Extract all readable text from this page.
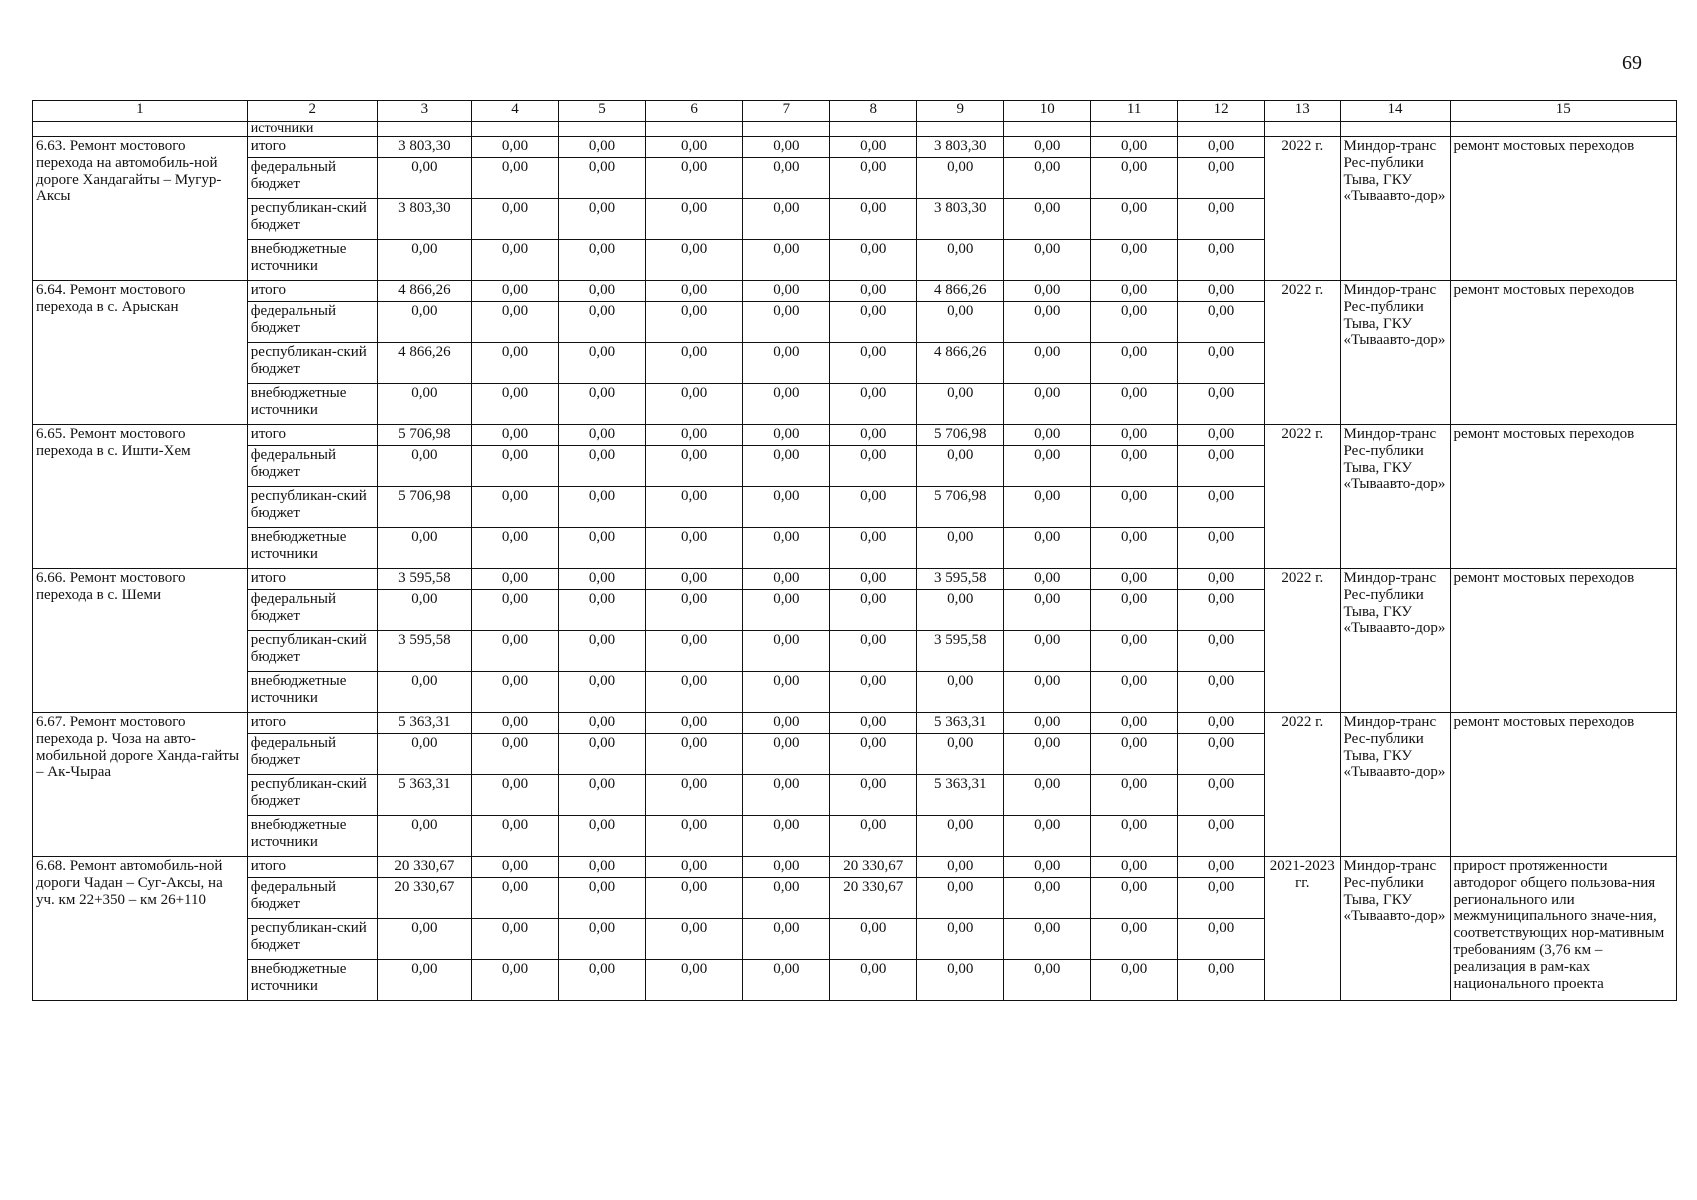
69
1	2	3	4	5	6	7	8	9	10	11	12	13	14	15
	источники													
6.63. Ремонт мостового перехода на автомобиль-ной дороге Хандагайты – Мугур-Аксы	итого	3 803,30	0,00	0,00	0,00	0,00	0,00	3 803,30	0,00	0,00	0,00	2022 г.	Миндор-транс Рес-публики Тыва, ГКУ «Тываавто-дор»	ремонт мостовых переходов
	федеральный бюджет	0,00	0,00	0,00	0,00	0,00	0,00	0,00	0,00	0,00	0,00			
	республикан-ский бюджет	3 803,30	0,00	0,00	0,00	0,00	0,00	3 803,30	0,00	0,00	0,00			
	внебюджетные источники	0,00	0,00	0,00	0,00	0,00	0,00	0,00	0,00	0,00	0,00			
6.64. Ремонт мостового перехода в с. Арыскан	итого	4 866,26	0,00	0,00	0,00	0,00	0,00	4 866,26	0,00	0,00	0,00	2022 г.	Миндор-транс Рес-публики Тыва, ГКУ «Тываавто-дор»	ремонт мостовых переходов
	федеральный бюджет	0,00	0,00	0,00	0,00	0,00	0,00	0,00	0,00	0,00	0,00			
	республикан-ский бюджет	4 866,26	0,00	0,00	0,00	0,00	0,00	4 866,26	0,00	0,00	0,00			
	внебюджетные источники	0,00	0,00	0,00	0,00	0,00	0,00	0,00	0,00	0,00	0,00			
6.65. Ремонт мостового перехода в с. Ишти-Хем	итого	5 706,98	0,00	0,00	0,00	0,00	0,00	5 706,98	0,00	0,00	0,00	2022 г.	Миндор-транс Рес-публики Тыва, ГКУ «Тываавто-дор»	ремонт мостовых переходов
	федеральный бюджет	0,00	0,00	0,00	0,00	0,00	0,00	0,00	0,00	0,00	0,00			
	республикан-ский бюджет	5 706,98	0,00	0,00	0,00	0,00	0,00	5 706,98	0,00	0,00	0,00			
	внебюджетные источники	0,00	0,00	0,00	0,00	0,00	0,00	0,00	0,00	0,00	0,00			
6.66. Ремонт мостового перехода в с. Шеми	итого	3 595,58	0,00	0,00	0,00	0,00	0,00	3 595,58	0,00	0,00	0,00	2022 г.	Миндор-транс Рес-публики Тыва, ГКУ «Тываавто-дор»	ремонт мостовых переходов
	федеральный бюджет	0,00	0,00	0,00	0,00	0,00	0,00	0,00	0,00	0,00	0,00			
	республикан-ский бюджет	3 595,58	0,00	0,00	0,00	0,00	0,00	3 595,58	0,00	0,00	0,00			
	внебюджетные источники	0,00	0,00	0,00	0,00	0,00	0,00	0,00	0,00	0,00	0,00			
6.67. Ремонт мостового перехода р. Чоза на авто-мобильной дороге Ханда-гайты – Ак-Чыраа	итого	5 363,31	0,00	0,00	0,00	0,00	0,00	5 363,31	0,00	0,00	0,00	2022 г.	Миндор-транс Рес-публики Тыва, ГКУ «Тываавто-дор»	ремонт мостовых переходов
	федеральный бюджет	0,00	0,00	0,00	0,00	0,00	0,00	0,00	0,00	0,00	0,00			
	республикан-ский бюджет	5 363,31	0,00	0,00	0,00	0,00	0,00	5 363,31	0,00	0,00	0,00			
	внебюджетные источники	0,00	0,00	0,00	0,00	0,00	0,00	0,00	0,00	0,00	0,00			
6.68. Ремонт автомобиль-ной дороги Чадан – Суг-Аксы, на уч. км 22+350 – км 26+110	итого	20 330,67	0,00	0,00	0,00	0,00	20 330,67	0,00	0,00	0,00	0,00	2021-2023 гг.	Миндор-транс Рес-публики Тыва, ГКУ «Тываавто-дор»	прирост протяженности автодорог общего пользова-ния регионального или межмуниципального значе-ния, соответствующих нор-мативным требованиям (3,76 км – реализация в рам-ках национального проекта
	федеральный бюджет	20 330,67	0,00	0,00	0,00	0,00	20 330,67	0,00	0,00	0,00	0,00			
	республикан-ский бюджет	0,00	0,00	0,00	0,00	0,00	0,00	0,00	0,00	0,00	0,00			
	внебюджетные источники	0,00	0,00	0,00	0,00	0,00	0,00	0,00	0,00	0,00	0,00			
